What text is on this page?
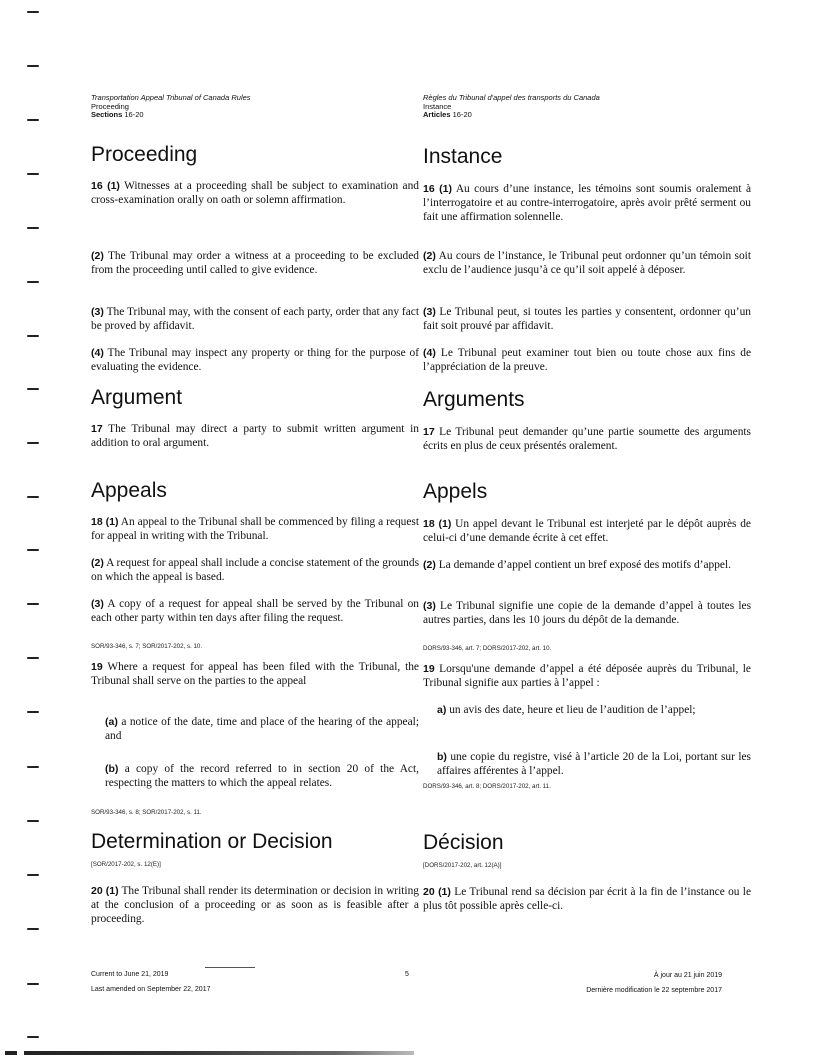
Transportation Appeal Tribunal of Canada Rules
Proceeding
Sections 16-20
Proceeding

16 (1) Witnesses at a proceeding shall be subject to examination and cross-examination orally on oath or solemn affirmation.

(2) The Tribunal may order a witness at a proceeding to be excluded from the proceeding until called to give evidence.

(3) The Tribunal may, with the consent of each party, order that any fact be proved by affidavit.

(4) The Tribunal may inspect any property or thing for the purpose of evaluating the evidence.

Argument

17 The Tribunal may direct a party to submit written argument in addition to oral argument.

Appeals

18 (1) An appeal to the Tribunal shall be commenced by filing a request for appeal in writing with the Tribunal.

(2) A request for appeal shall include a concise statement of the grounds on which the appeal is based.

(3) A copy of a request for appeal shall be served by the Tribunal on each other party within ten days after filing the request.

SOR/93-346, s. 7; SOR/2017-202, s. 10.

19 Where a request for appeal has been filed with the Tribunal, the Tribunal shall serve on the parties to the appeal

(a) a notice of the date, time and place of the hearing of the appeal; and

(b) a copy of the record referred to in section 20 of the Act, respecting the matters to which the appeal relates.

SOR/93-346, s. 8; SOR/2017-202, s. 11.
Determination or Decision
[SOR/2017-202, s. 12(E)]

20 (1) The Tribunal shall render its determination or decision in writing at the conclusion of a proceeding or as soon as is feasible after a proceeding.

Règles du Tribunal d'appel des transports du Canada
Instance
Articles 16-20
Instance

16 (1) Au cours d’une instance, les témoins sont soumis oralement à l’interrogatoire et au contre-interrogatoire, après avoir prêté serment ou fait une affirmation solennelle.

(2) Au cours de l’instance, le Tribunal peut ordonner qu’un témoin soit exclu de l’audience jusqu’à ce qu’il soit appelé à déposer.

(3) Le Tribunal peut, si toutes les parties y consentent, ordonner qu’un fait soit prouvé par affidavit.

(4) Le Tribunal peut examiner tout bien ou toute chose aux fins de l’appréciation de la preuve.

Arguments

17 Le Tribunal peut demander qu’une partie soumette des arguments écrits en plus de ceux présentés oralement.

Appels

18 (1) Un appel devant le Tribunal est interjeté par le dépôt auprès de celui-ci d’une demande écrite à cet effet.

(2) La demande d’appel contient un bref exposé des motifs d’appel.

(3) Le Tribunal signifie une copie de la demande d’appel à toutes les autres parties, dans les 10 jours du dépôt de la demande.

DORS/93-346, art. 7; DORS/2017-202, art. 10.

19 Lorsqu'une demande d’appel a été déposée auprès du Tribunal, le Tribunal signifie aux parties à l’appel :

a) un avis des date, heure et lieu de l’audition de l’appel;

b) une copie du registre, visé à l’article 20 de la Loi, portant sur les affaires afférentes à l’appel.

DORS/93-346, art. 8; DORS/2017-202, art. 11.
Décision
[DORS/2017-202, art. 12(A)]

20 (1) Le Tribunal rend sa décision par écrit à la fin de l’instance ou le plus tôt possible après celle-ci.

Current to June 21, 2019
Last amended on September 22, 2017
5	À jour au 21 juin 2019
Dernière modification le 22 septembre 2017
